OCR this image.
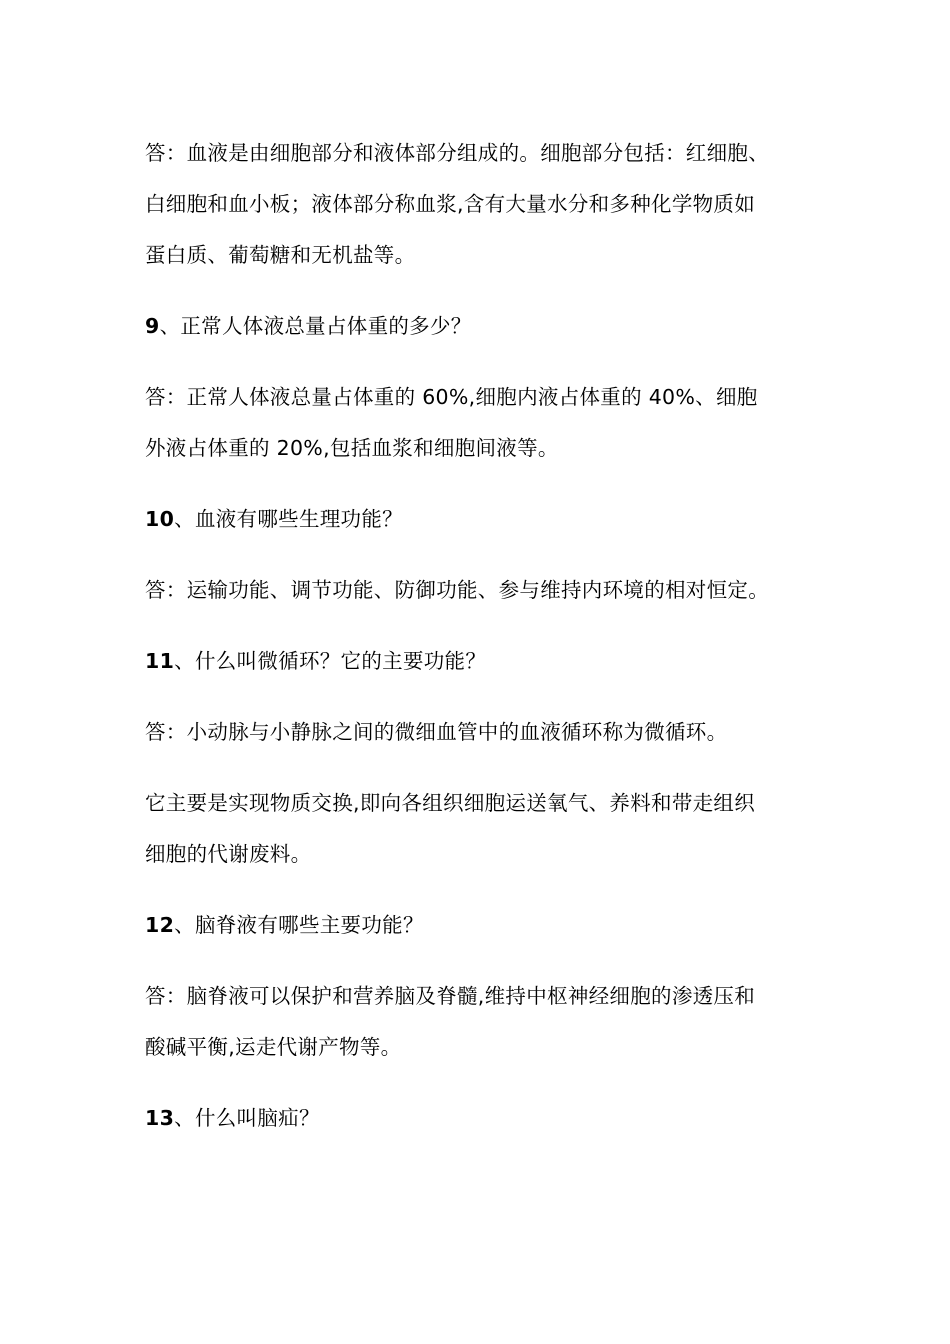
答：血液是由细胞部分和液体部分组成的。细胞部分包括：红细胞、
白细胞和血小板；液体部分称血浆,含有大量水分和多种化学物质如
蛋白质、葡萄糖和无机盐等。
9、正常人体液总量占体重的多少？
答：正常人体液总量占体重的 60%,细胞内液占体重的 40%、细胞
外液占体重的 20%,包括血浆和细胞间液等。
10、血液有哪些生理功能？
答：运输功能、调节功能、防御功能、参与维持内环境的相对恒定。
11、什么叫微循环？它的主要功能？
答：小动脉与小静脉之间的微细血管中的血液循环称为微循环。
它主要是实现物质交换,即向各组织细胞运送氧气、养料和带走组织
细胞的代谢废料。
12、脑脊液有哪些主要功能？
答：脑脊液可以保护和营养脑及脊髓,维持中枢神经细胞的渗透压和
酸碱平衡,运走代谢产物等。
13、什么叫脑疝？
